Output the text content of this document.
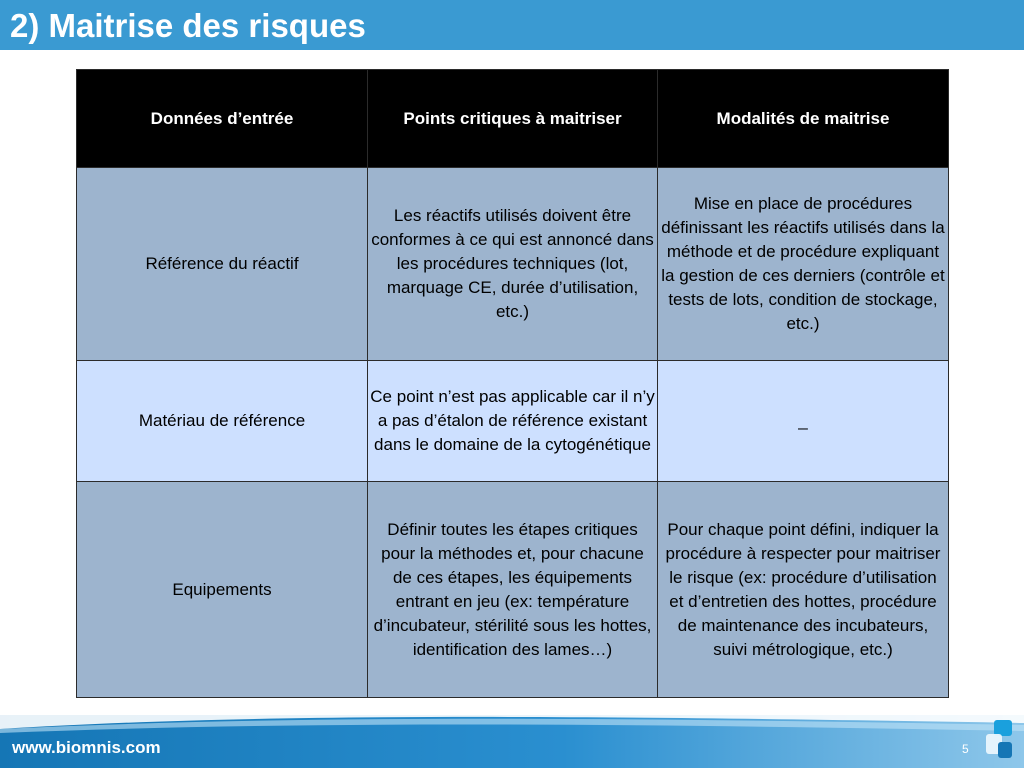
2) Maitrise des risques
Données d’entrée	Points critiques à maitriser	Modalités de maitrise
Référence du réactif	Les réactifs utilisés doivent être conformes à ce qui est annoncé dans les procédures techniques (lot, marquage CE, durée d’utilisation, etc.)	Mise en place de procédures définissant les réactifs utilisés dans la méthode et de procédure expliquant la gestion de ces derniers (contrôle et tests de lots, condition de stockage, etc.)
Matériau de référence	Ce point n’est pas applicable car il n’y a pas d’étalon de référence existant dans le domaine de la cytogénétique	_
Equipements	Définir toutes les étapes critiques pour la méthodes et, pour chacune de ces étapes, les équipements entrant en jeu (ex: température d’incubateur, stérilité sous les hottes, identification des lames…)	Pour chaque point défini, indiquer la procédure à respecter pour maitriser le risque (ex: procédure d’utilisation et d’entretien des hottes, procédure de maintenance des incubateurs, suivi métrologique, etc.)
www.biomnis.com	5
